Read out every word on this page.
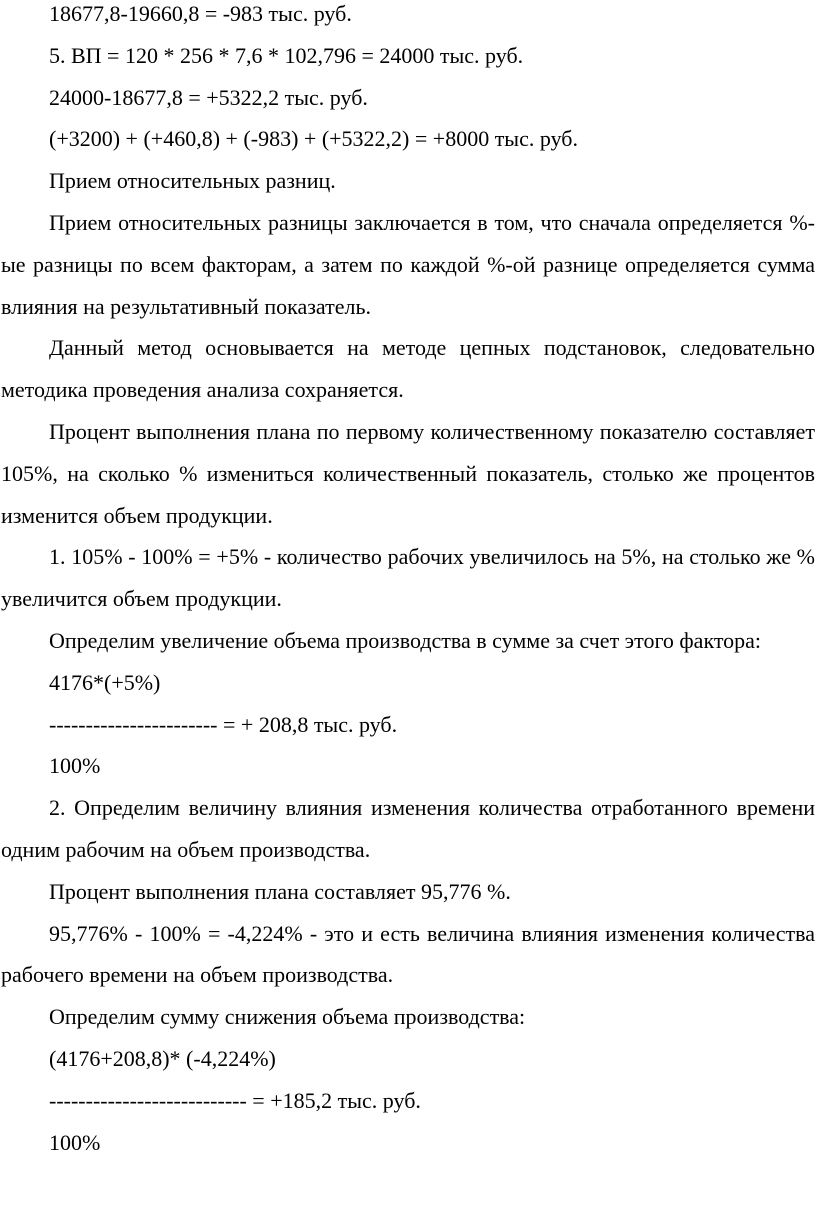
18677,8-19660,8 = -983 тыс. руб.

5. ВП = 120 * 256 * 7,6 * 102,796 = 24000 тыс. руб.

24000-18677,8 = +5322,2 тыс. руб.

(+3200) + (+460,8) + (-983) + (+5322,2) = +8000 тыс. руб.

Прием относительных разниц.

Прием относительных разницы заключается в том, что сначала определяется %-ые разницы по всем факторам, а затем по каждой %-ой разнице определяется сумма влияния на результативный показатель.

Данный метод основывается на методе цепных подстановок, следовательно методика проведения анализа сохраняется.

Процент выполнения плана по первому количественному показателю составляет 105%, на сколько % измениться количественный показатель, столько же процентов изменится объем продукции.

1. 105% - 100% = +5% - количество рабочих увеличилось на 5%, на столько же % увеличится объем продукции.

Определим увеличение объема производства в сумме за счет этого фактора:

4176*(+5%)

----------------------- = + 208,8 тыс. руб.

100%

2. Определим величину влияния изменения количества отработанного времени одним рабочим на объем производства.

Процент выполнения плана составляет 95,776 %.

95,776% - 100% = -4,224% - это и есть величина влияния изменения количества рабочего времени на объем производства.

Определим сумму снижения объема производства:

(4176+208,8)* (-4,224%)

--------------------------- = +185,2 тыс. руб.

100%
